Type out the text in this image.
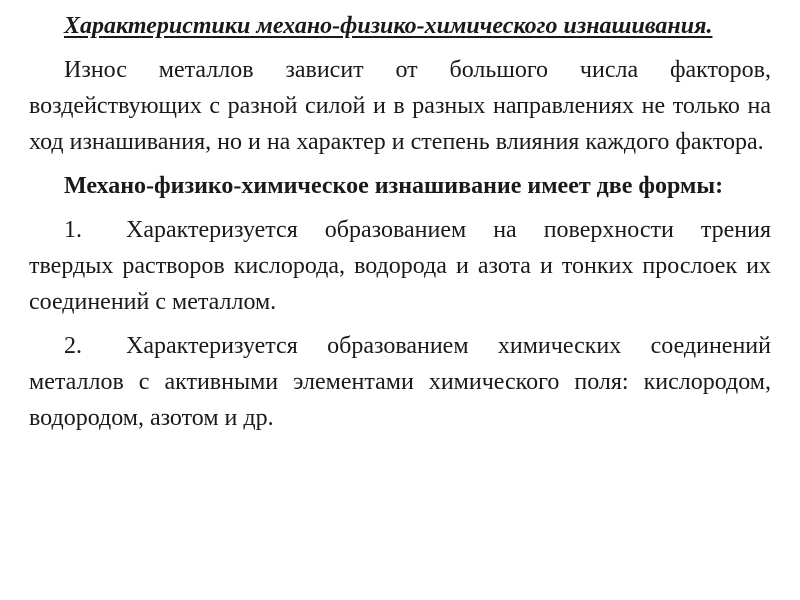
Характеристики механо-физико-химического изнашивания.

Износ металлов зависит от большого числа факторов, воздействующих с разной силой и в разных направлениях не только на ход изнашивания, но и на характер и степень влияния каждого фактора.

Механо-физико-химическое изнашивание имеет две формы:

1. Характеризуется образованием на поверхности трения твердых растворов кислорода, водорода и азота и тонких прослоек их соединений с металлом.

2. Характеризуется образованием химических соединений металлов с активными элементами химического поля: кислородом, водородом, азотом и др.
